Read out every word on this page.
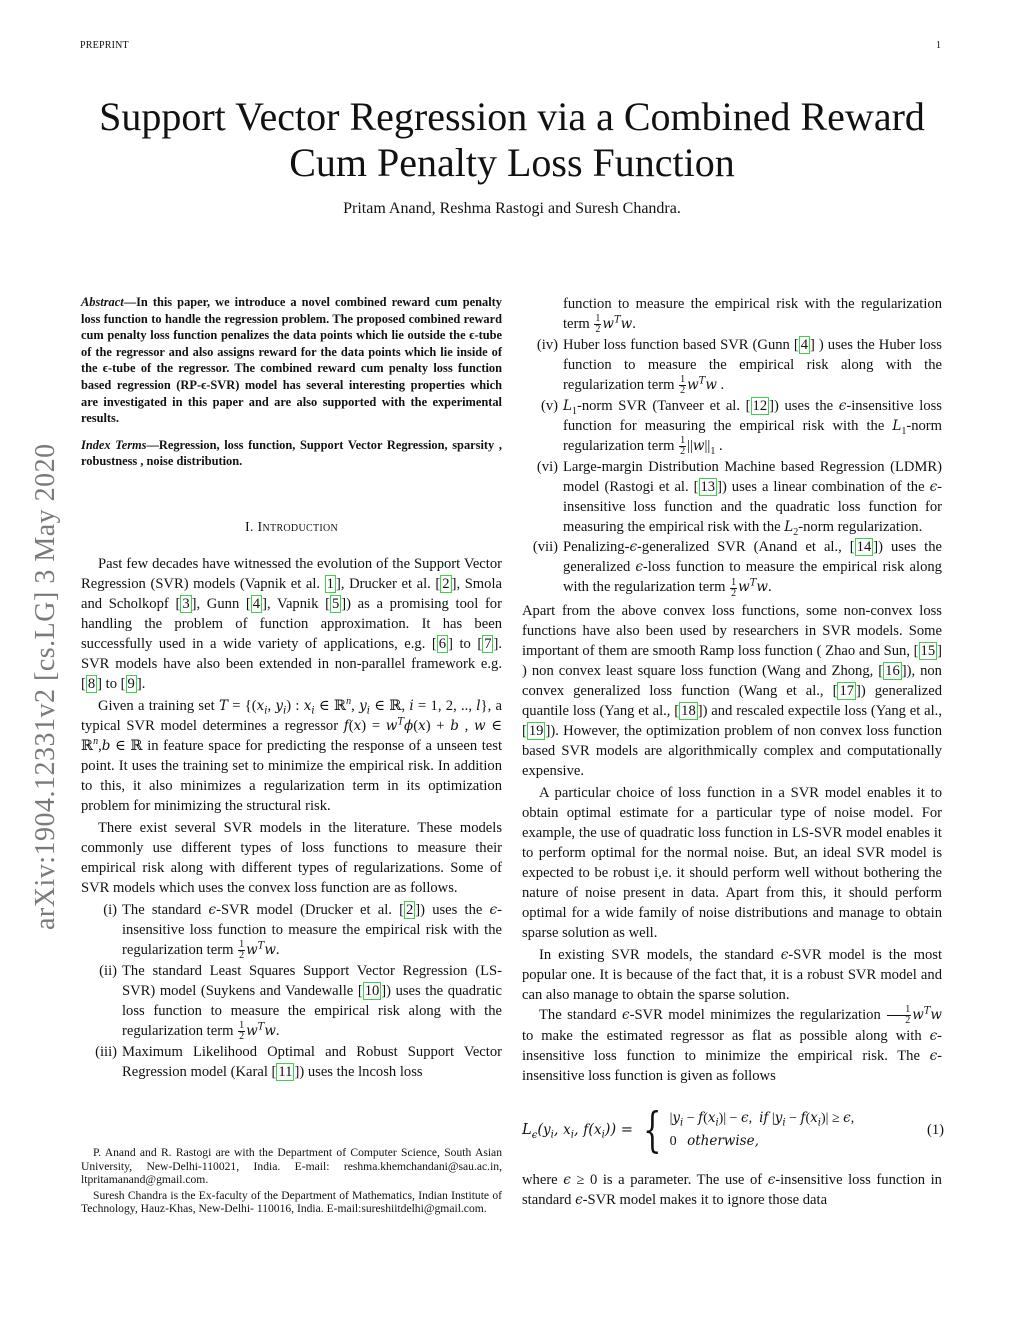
PREPRINT	1
Support Vector Regression via a Combined Reward
Cum Penalty Loss Function
Pritam Anand, Reshma Rastogi and Suresh Chandra.
arXiv:1904.12331v2 [cs.LG] 3 May 2020

Abstract—In this paper, we introduce a novel combined reward cum penalty loss function to handle the regression problem. The proposed combined reward cum penalty loss function penalizes the data points which lie outside the ϵ-tube of the regressor and also assigns reward for the data points which lie inside of the ϵ-tube of the regressor. The combined reward cum penalty loss function based regression (RP-ϵ-SVR) model has several interesting properties which are investigated in this paper and are also supported with the experimental results.

Index Terms—Regression, loss function, Support Vector Regression, sparsity , robustness , noise distribution.

I. Introduction

Past few decades have witnessed the evolution of the Support Vector Regression (SVR) models (Vapnik et al. 1 ], Drucker et al. [ 2 ], Smola and Scholkopf [ 3 ], Gunn [ 4 ], Vapnik [ 5 ]) as a promising tool for handling the problem of function approximation. It has been successfully used in a wide variety of applications, e.g. [ 6 ] to [ 7 ]. SVR models have also been extended in non-parallel framework e.g. [ 8 ] to [ 9 ].

Given a training set $T = \{(x_i$, $y_i$) : $x_i$ ∈ ℝ$^n$, $y_i$ ∈ ℝ, i = 1, 2, .., l}, a typical SVR model determines a regressor $f(x) = w^T\phi(x) + b$ , w ∈ ℝ$^n$,b ∈ ℝ in feature space for predicting the response of a unseen test point. It uses the training set to minimize the empirical risk. In addition to this, it also minimizes a regularization term in its optimization problem for minimizing the structural risk.

There exist several SVR models in the literature. These models commonly use different types of loss functions to measure their empirical risk along with different types of regularizations. Some of SVR models which uses the convex loss function are as follows.

(i) The standard ϵ-SVR model (Drucker et al. [ 2 ]) uses the ϵ-insensitive loss function to measure the empirical risk with the regularization term $\frac{1}{2} w^Tw$.
(ii) The standard Least Squares Support Vector Regression (LS-SVR) model (Suykens and Vandewalle [ 10 ]) uses the quadratic loss function to measure the empirical risk along with the regularization term $\frac{1}{2} w^Tw$.
(iii) Maximum Likelihood Optimal and Robust Support Vector Regression model (Karal [ 11 ]) uses the lncosh loss

P. Anand and R. Rastogi are with the Department of Computer Science, South Asian University, New-Delhi-110021, India. E-mail: reshma.khemchandani@sau.ac.in, ltpritamanand@gmail.com.

Suresh Chandra is the Ex-faculty of the Department of Mathematics, Indian Institute of Technology, Hauz-Khas, New-Delhi- 110016, India. E-mail:sureshiitdelhi@gmail.com.

function to measure the empirical risk with the regularization term $\frac{1}{2} w^Tw$.
(iv) Huber loss function based SVR (Gunn [ 4 ] ) uses the Huber loss function to measure the empirical risk along with the regularization term $\frac{1}{2} w^Tw$ .
(v) $L_1$-norm SVR (Tanveer et al. [ 12 ]) uses the ϵ-insensitive loss function for measuring the empirical risk with the $L_1$-norm regularization term $\frac{1}{2} ||w||_1$ .
(vi) Large-margin Distribution Machine based Regression (LDMR) model (Rastogi et al. [ 13 ]) uses a linear combination of the ϵ-insensitive loss function and the quadratic loss function for measuring the empirical risk with the $L_2$-norm regularization.
(vii) Penalizing-ϵ-generalized SVR (Anand et al., [ 14 ]) uses the generalized ϵ-loss function to measure the empirical risk along with the regularization term $\frac{1}{2} w^Tw$.

Apart from the above convex loss functions, some non-convex loss functions have also been used by researchers in SVR models. Some important of them are smooth Ramp loss function ( Zhao and Sun, [ 15 ] ) non convex least square loss function (Wang and Zhong, [ 16 ]), non convex generalized loss function (Wang et al., [ 17 ]) generalized quantile loss (Yang et al., [ 18 ]) and rescaled expectile loss (Yang et al., [ 19 ]). However, the optimization problem of non convex loss function based SVR models are algorithmically complex and computationally expensive.

A particular choice of loss function in a SVR model enables it to obtain optimal estimate for a particular type of noise model. For example, the use of quadratic loss function in LS-SVR model enables it to perform optimal for the normal noise. But, an ideal SVR model is expected to be robust i,e. it should perform well without bothering the nature of noise present in data. Apart from this, it should perform optimal for a wide family of noise distributions and manage to obtain sparse solution as well.

In existing SVR models, the standard ϵ-SVR model is the most popular one. It is because of the fact that, it is a robust SVR model and can also manage to obtain the sparse solution.

The standard ϵ-SVR model minimizes the regularization $\frac{1}{2} w^Tw$ to make the estimated regressor as flat as possible along with ϵ-insensitive loss function to minimize the empirical risk. The ϵ-insensitive loss function is given as follows

$L_\epsilon(y_i$, $x_i$, $f(x_i)$) = { $|y_i - f(x_i)| - \epsilon$,  if $|y_i - f(x_i)| \ge \epsilon$,
0 otherwise,
(1)

where ϵ ≥ 0 is a parameter. The use of ϵ-insensitive loss function in standard ϵ-SVR model makes it to ignore those data
